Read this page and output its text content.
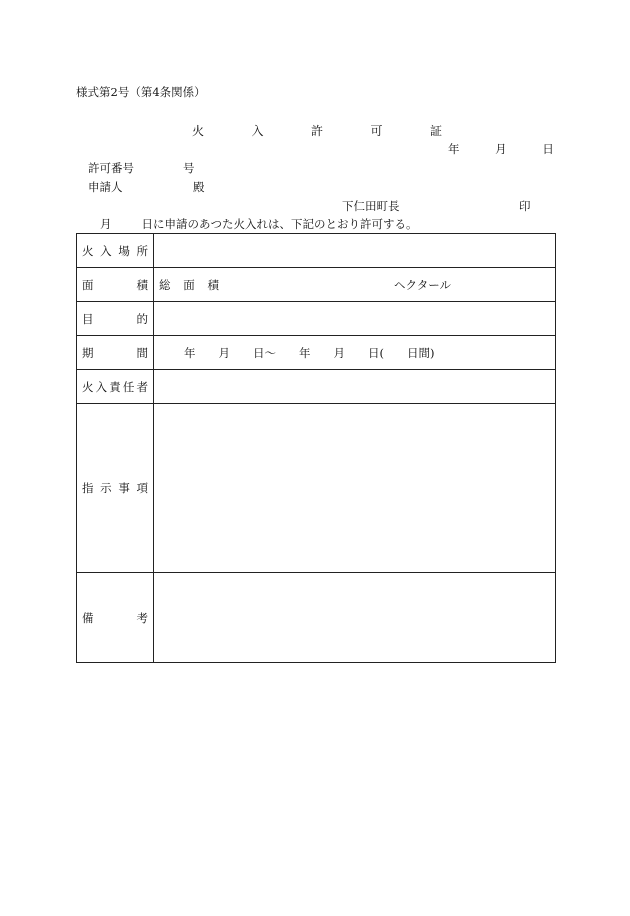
様式第2号（第4条関係）
火	入	許	可	証
年	月	日
許可番号	号
申請人	殿
下仁田町長	印
月	日に申請のあつた火入れは、下記のとおり許可する。
火 入 場 所	

面 積	総 面 積 ヘクタール

目 的	

期 間	年　　月　　日～　　年　　月　　日(　　日間)

火 入 責 任 者	

指 示 事 項	

備 考	
